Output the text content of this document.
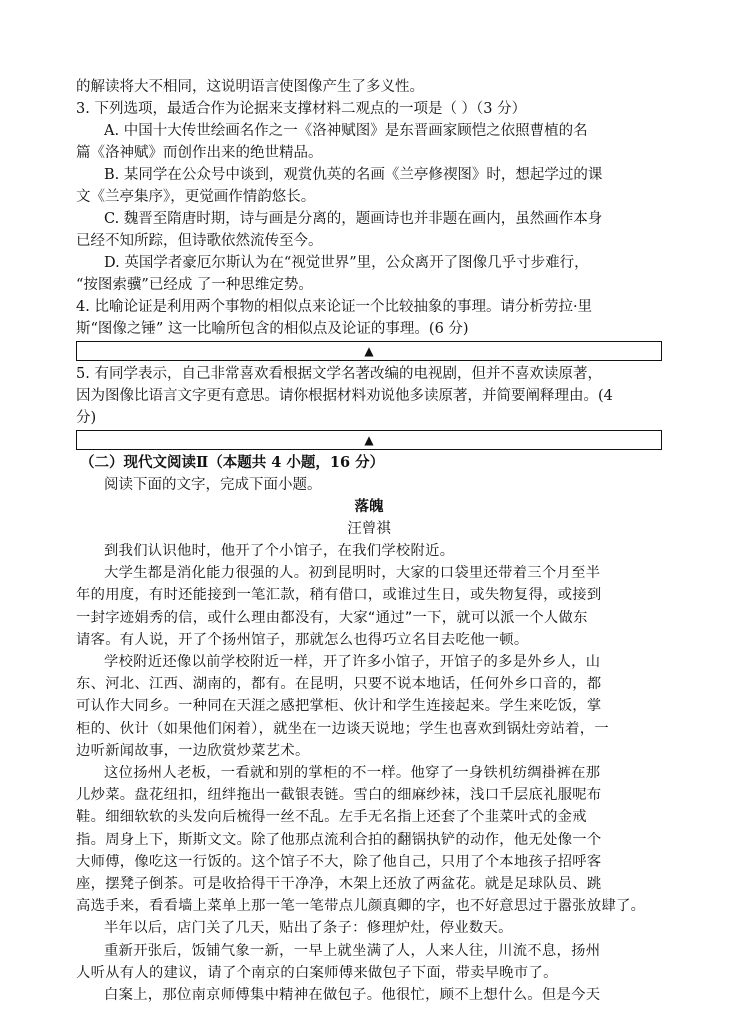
的解读将大不相同，这说明语言使图像产生了多义性。
3. 下列选项，最适合作为论据来支撑材料二观点的一项是（ ）（3 分）
A. 中国十大传世绘画名作之一《洛神赋图》是东晋画家顾恺之依照曹植的名
篇《洛神赋》而创作出来的绝世精品。
B. 某同学在公众号中谈到，观赏仇英的名画《兰亭修禊图》时，想起学过的课
文《兰亭集序》，更觉画作情韵悠长。
C. 魏晋至隋唐时期，诗与画是分离的，题画诗也并非题在画内，虽然画作本身
已经不知所踪，但诗歌依然流传至今。
D. 英国学者豪厄尔斯认为在“视觉世界”里，公众离开了图像几乎寸步难行，
“按图索骥”已经成 了一种思维定势。
4. 比喻论证是利用两个事物的相似点来论证一个比较抽象的事理。请分析劳拉·里
斯“图像之锤” 这一比喻所包含的相似点及论证的事理。(6 分)
▲
5. 有同学表示，自己非常喜欢看根据文学名著改编的电视剧，但并不喜欢读原著，
因为图像比语言文字更有意思。请你根据材料劝说他多读原著，并简要阐释理由。(4
分)
▲
（二）现代文阅读Ⅱ（本题共 4 小题，16 分）
阅读下面的文字，完成下面小题。
落魄
汪曾祺
到我们认识他时，他开了个小馆子，在我们学校附近。
大学生都是消化能力很强的人。初到昆明时，大家的口袋里还带着三个月至半
年的用度，有时还能接到一笔汇款，稍有借口，或谁过生日，或失物复得，或接到
一封字迹娟秀的信，或什么理由都没有，大家“通过”一下，就可以派一个人做东
请客。有人说，开了个扬州馆子，那就怎么也得巧立名目去吃他一顿。
学校附近还像以前学校附近一样，开了许多小馆子，开馆子的多是外乡人，山
东、河北、江西、湖南的，都有。在昆明，只要不说本地话，任何外乡口音的，都
可认作大同乡。一种同在天涯之感把掌柜、伙计和学生连接起来。学生来吃饭，掌
柜的、伙计（如果他们闲着），就坐在一边谈天说地；学生也喜欢到锅灶旁站着，一
边听新闻故事，一边欣赏炒菜艺术。
这位扬州人老板，一看就和别的掌柜的不一样。他穿了一身铁机纺绸褂裤在那
儿炒菜。盘花纽扣，纽绊拖出一截银表链。雪白的细麻纱袜，浅口千层底礼服呢布
鞋。细细软软的头发向后梳得一丝不乱。左手无名指上还套了个韭菜叶式的金戒
指。周身上下，斯斯文文。除了他那点流利合拍的翻锅执铲的动作，他无处像一个
大师傅，像吃这一行饭的。这个馆子不大，除了他自己，只用了个本地孩子招呼客
座，摆凳子倒茶。可是收拾得干干净净，木架上还放了两盆花。就是足球队员、跳
高选手来，看看墙上菜单上那一笔一笔带点儿颜真卿的字，也不好意思过于嚣张放肆了。
半年以后，店门关了几天，贴出了条子：修理炉灶，停业数天。
重新开张后，饭铺气象一新，一早上就坐满了人，人来人往，川流不息，扬州
人听从有人的建议，请了个南京的白案师傅来做包子下面，带卖早晚市了。
白案上，那位南京师傅集中精神在做包子。他很忙，顾不上想什么。但是今天
